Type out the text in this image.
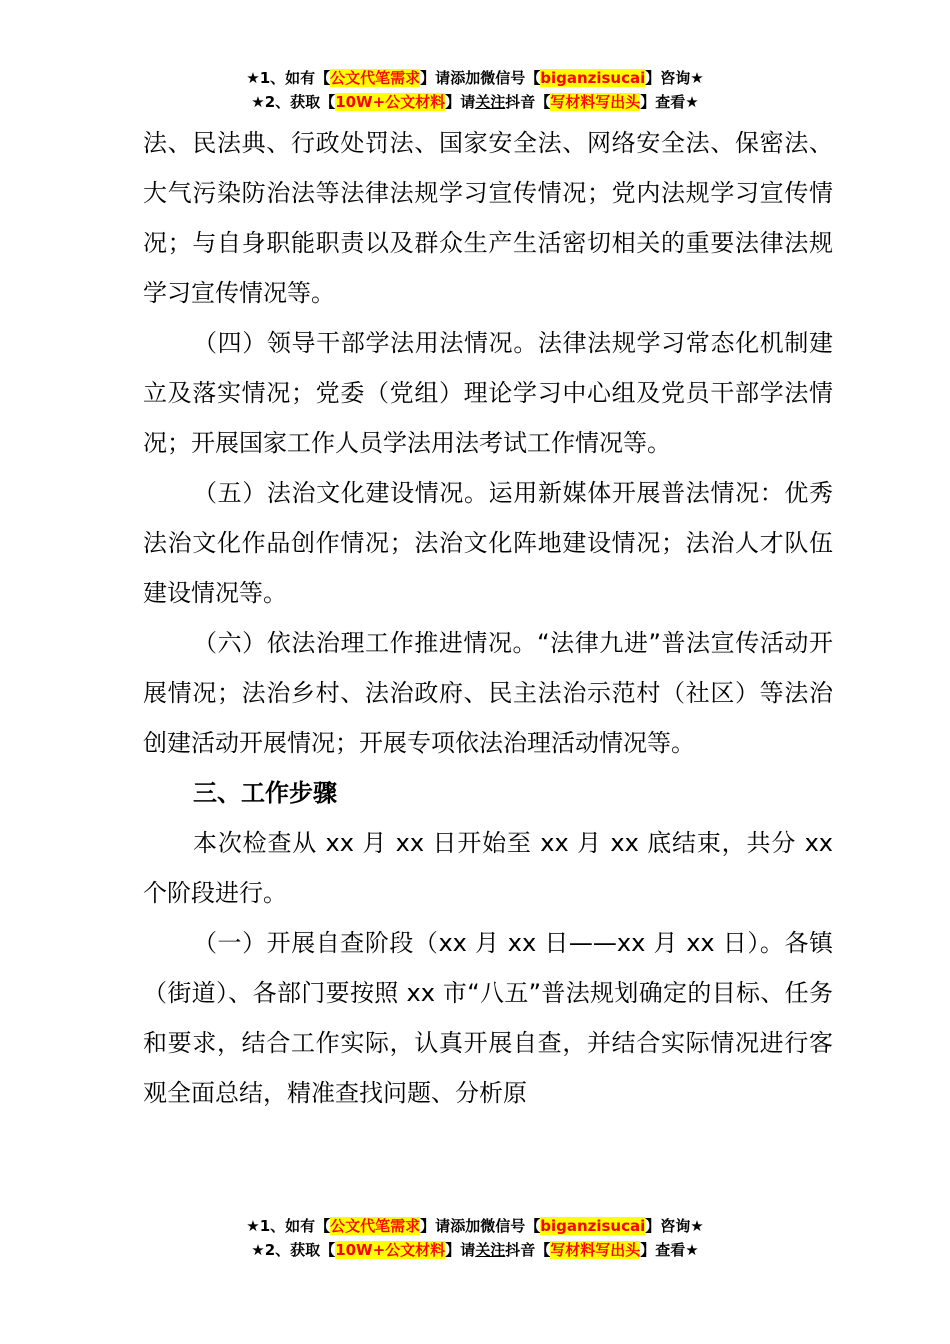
★1、如有【公文代笔需求】请添加微信号【biganzisucai】咨询★
★2、获取【10W+公文材料】请关注抖音【写材料写出头】查看★

法、民法典、行政处罚法、国家安全法、网络安全法、保密法、大气污染防治法等法律法规学习宣传情况；党内法规学习宣传情况；与自身职能职责以及群众生产生活密切相关的重要法律法规学习宣传情况等。

（四）领导干部学法用法情况。法律法规学习常态化机制建立及落实情况；党委（党组）理论学习中心组及党员干部学法情况；开展国家工作人员学法用法考试工作情况等。

（五）法治文化建设情况。运用新媒体开展普法情况：优秀法治文化作品创作情况；法治文化阵地建设情况；法治人才队伍建设情况等。

（六）依法治理工作推进情况。“法律九进”普法宣传活动开展情况；法治乡村、法治政府、民主法治示范村（社区）等法治创建活动开展情况；开展专项依法治理活动情况等。

三、工作步骤

本次检查从 xx 月 xx 日开始至 xx 月 xx 底结束，共分 xx 个阶段进行。

（一）开展自查阶段（xx 月 xx 日——xx 月 xx 日）。各镇（街道）、各部门要按照 xx 市“八五”普法规划确定的目标、任务和要求，结合工作实际，认真开展自查，并结合实际情况进行客观全面总结，精准查找问题、分析原

★1、如有【公文代笔需求】请添加微信号【biganzisucai】咨询★
★2、获取【10W+公文材料】请关注抖音【写材料写出头】查看★
